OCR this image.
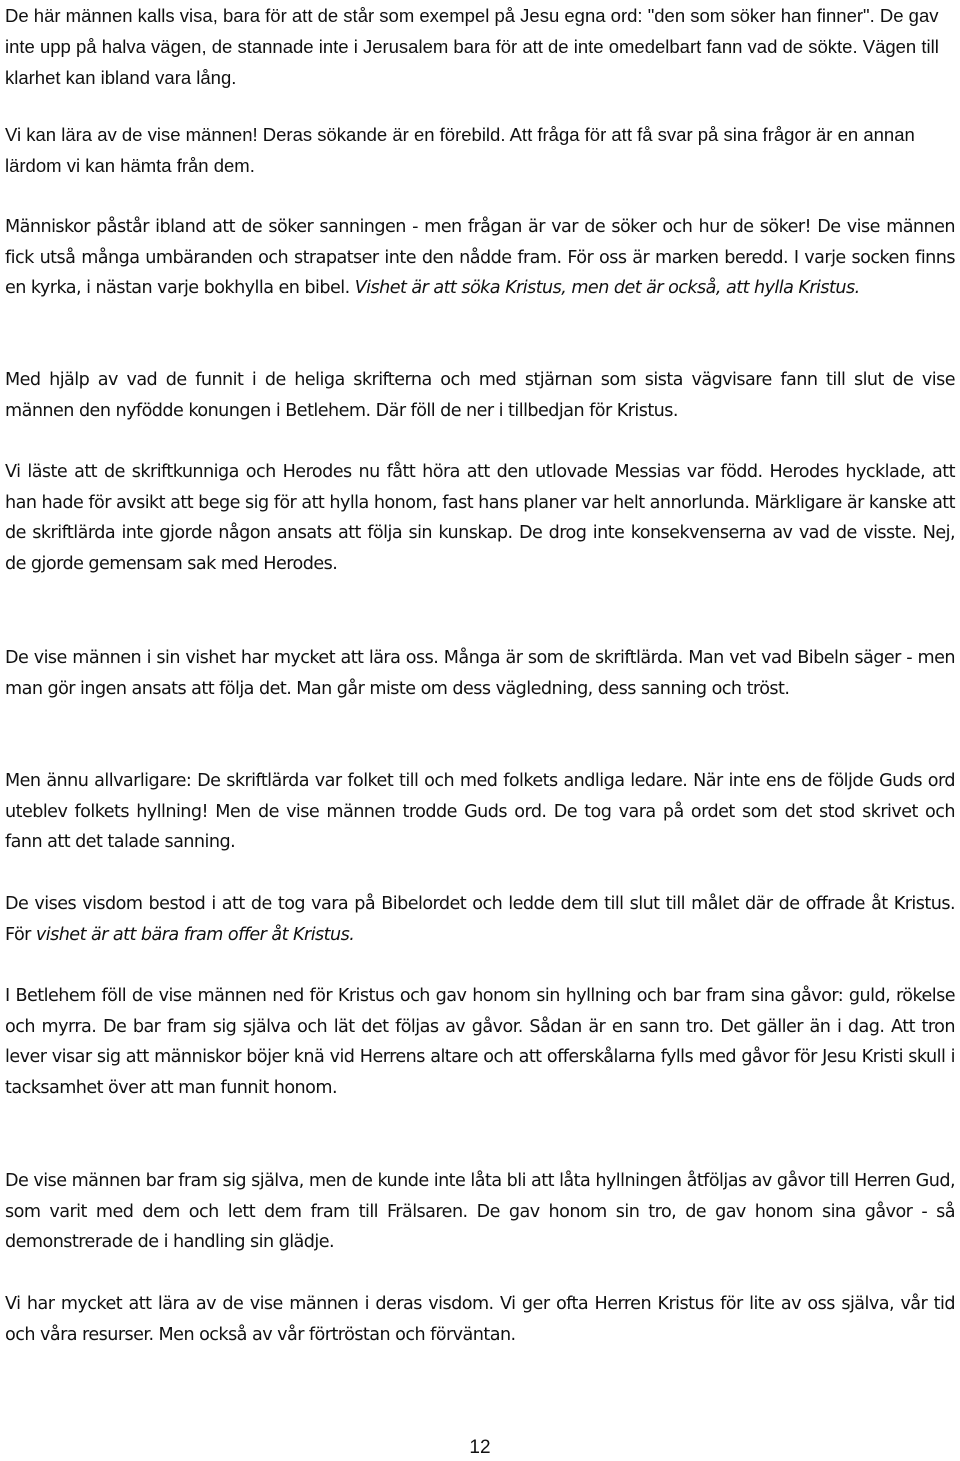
De här männen kalls visa, bara för att de står som exempel på Jesu egna ord: "den som söker han finner". De gav inte upp på halva vägen, de stannade inte i Jerusalem bara för att de inte omedelbart fann vad de sökte. Vägen till klarhet kan ibland vara lång.

Vi kan lära av de vise männen! Deras sökande är en förebild. Att fråga för att få svar på sina frågor är en annan lärdom vi kan hämta från dem.

Människor påstår ibland att de söker sanningen - men frågan är var de söker och hur de söker! De vise männen fick utså många umbäranden och strapatser inte den nådde fram. För oss är marken beredd. I varje socken finns en kyrka, i nästan varje bokhylla en bibel. Vishet är att söka Kristus, men det är också, att hylla Kristus.

Med hjälp av vad de funnit i de heliga skrifterna och med stjärnan som sista vägvisare fann till slut de vise männen den nyfödde konungen i Betlehem. Där föll de ner i tillbedjan för Kristus.

Vi läste att de skriftkunniga och Herodes nu fått höra att den utlovade Messias var född. Herodes hycklade, att han hade för avsikt att bege sig för att hylla honom, fast hans planer var helt annorlunda. Märkligare är kanske att de skriftlärda inte gjorde någon ansats att följa sin kunskap. De drog inte konsekvenserna av vad de visste. Nej, de gjorde gemensam sak med Herodes.

De vise männen i sin vishet har mycket att lära oss. Många är som de skriftlärda. Man vet vad Bibeln säger - men man gör ingen ansats att följa det. Man går miste om dess vägledning, dess sanning och tröst.

Men ännu allvarligare: De skriftlärda var folket till och med folkets andliga ledare. När inte ens de följde Guds ord uteblev folkets hyllning! Men de vise männen trodde Guds ord. De tog vara på ordet som det stod skrivet och fann att det talade sanning.

De vises visdom bestod i att de tog vara på Bibelordet och ledde dem till slut till målet där de offrade åt Kristus. För vishet är att bära fram offer åt Kristus.

I Betlehem föll de vise männen ned för Kristus och gav honom sin hyllning och bar fram sina gåvor: guld, rökelse och myrra. De bar fram sig själva och lät det följas av gåvor. Sådan är en sann tro. Det gäller än i dag. Att tron lever visar sig att människor böjer knä vid Herrens altare och att offerskålarna fylls med gåvor för Jesu Kristi skull i tacksamhet över att man funnit honom.

De vise männen bar fram sig själva, men de kunde inte låta bli att låta hyllningen åtföljas av gåvor till Herren Gud, som varit med dem och lett dem fram till Frälsaren. De gav honom sin tro, de gav honom sina gåvor - så demonstrerade de i handling sin glädje.

Vi har mycket att lära av de vise männen i deras visdom. Vi ger ofta Herren Kristus för lite av oss själva, vår tid och våra resurser. Men också av vår förtröstan och förväntan.

12
